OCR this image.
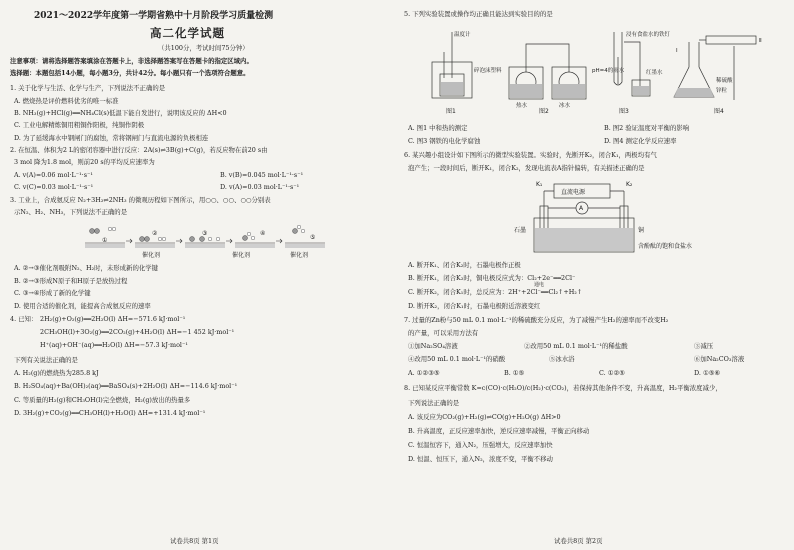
2021～2022学年度第一学期省熟中十月阶段学习质量检测
高二化学试题
（共100分，考试时间75分钟）
注意事项：请将选择题答案填涂在答题卡上，非选择题答案写在答题卡的指定区域内。
选择题：本题包括14小题，每小题3分，共计42分。每小题只有一个选项符合题意。
1. 关于化学与生活、化学与生产，下列说法不正确的是
A. 燃烧热是评价燃料优劣的唯一标准
B. NH₃(g)+HCl(g)══NH₄Cl(s)低温下能自发进行，说明该反应的 ΔH<0
C. 工业电解精炼铜用粗铜作阳极，纯铜作阴极
D. 为了延缓海水中钢闸门的腐蚀，常将钢闸门与直流电源的负极相连
2. 在恒温、体积为2 L的密闭容器中进行反应：2A(s)⇌3B(g)+C(g)，若反应物在前20 s由
3 mol 降为1.8 mol，则前20 s的平均反应速率为
A. v(A)=0.06 mol·L⁻¹·s⁻¹	B. v(B)=0.045 mol·L⁻¹·s⁻¹
C. v(C)=0.03 mol·L⁻¹·s⁻¹	D. v(A)=0.03 mol·L⁻¹·s⁻¹
3. 工业上，合成氨反应 N₂+3H₂⇌2NH₃ 的微观历程如下图所示，用○○、○○、○○分别表
示N₂、H₂、NH₃，下列说法不正确的是
①
②	③	④
⑤
催化剂	催化剂	催化剂
A. ②→③催化剂吸附N₂、H₂时，未形成新的化学键
B. ②→③形成N原子和H原子是放热过程
C. ③→④形成了新的化学键
D. 使用合适的催化剂，能提高合成氨反应的速率
4. 已知： 2H₂(g)+O₂(g)══2H₂O(l) ΔH=−571.6 kJ·mol⁻¹
2CH₃OH(l)+3O₂(g)══2CO₂(g)+4H₂O(l) ΔH=−1 452 kJ·mol⁻¹
H⁺(aq)+OH⁻(aq)══H₂O(l) ΔH=−57.3 kJ·mol⁻¹
下列有关说法正确的是
A. H₂(g)的燃烧热为285.8 kJ
B. H₂SO₄(aq)+Ba(OH)₂(aq)══BaSO₄(s)+2H₂O(l) ΔH=−114.6 kJ·mol⁻¹
C. 等质量的H₂(g)和CH₃OH(l)完全燃烧，H₂(g)放出的热量多
D. 3H₂(g)+CO₂(g)══CH₃OH(l)+H₂O(l) ΔH=+131.4 kJ·mol⁻¹
试卷共8页 第1页
5. 下列实验装置或操作均正确且能达到实验目的的是
温度计
碎泡沫塑料
热水	冰水
pH=4的雨水
浸有食盐水的铁钉
红墨水
Ⅰ
Ⅱ
稀硫酸
锌粒
图1	图2	图3	图4
A. 图1 中和热的测定	B. 图2 验证温度对平衡的影响
C. 图3 钢铁的电化学腐蚀	D. 图4 测定化学反应速率
6. 某兴趣小组设计如下图所示的微型实验装置。实验时，先断开K₂，闭合K₁，两极均有气
泡产生；一段时间后，断开K₁，闭合K₂，发现电流表A指针偏转，有关描述正确的是
K₁	K₂
直流电源
A
石墨	铜
含酚酞的饱和食盐水
A. 断开K₁、闭合K₂时，石墨电极作正极
B. 断开K₁，闭合K₂时，铜电极反应式为：Cl₂+2e⁻══2Cl⁻
C. 断开K₂，闭合K₁时，总反应为：2H⁺+2Cl⁻══Cl₂↑+H₂↑
通电
D. 断开K₂，闭合K₁时，石墨电极附近溶液变红
7. 过量的Zn粉与50 mL 0.1 mol·L⁻¹的稀硫酸充分反应，为了减慢产生H₂的速率而不改变H₂
的产量，可以采用方法有
①加Na₂SO₄溶液	②改用50 mL 0.1 mol·L⁻¹的稀盐酸	③减压
④改用50 mL 0.1 mol·L⁻¹的硝酸	⑤冰水浴	⑥加Na₂CO₃溶液
A. ①②③⑤	B. ①⑤	C. ①②⑤	D. ①⑤⑥
8. 已知某反应平衡常数 K=c(CO)·c(H₂O)/c(H₂)·c(CO₂)，若保持其他条件不变，升高温度，H₂平衡浓度减少，
下列说法正确的是
A. 该反应为CO₂(g)+H₂(g)⇌CO(g)+H₂O(g) ΔH>0
B. 升高温度，正反应速率加快，逆反应速率减慢，平衡正向移动
C. 恒温恒容下，通入N₂，压强增大，反应速率加快
D. 恒温、恒压下，通入N₂，浓度不变，平衡不移动
试卷共8页 第2页
